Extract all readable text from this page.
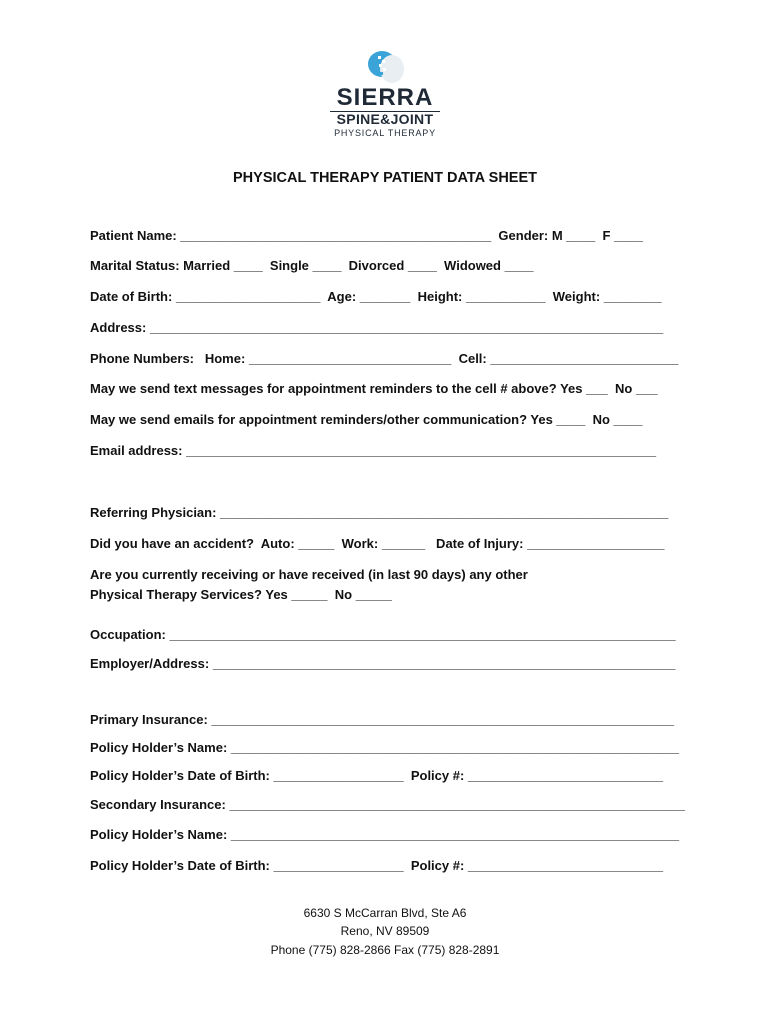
SIERRA
SPINE&JOINT
PHYSICAL THERAPY
PHYSICAL THERAPY PATIENT DATA SHEET
Patient Name: ___________________________________________  Gender: M ____  F ____
Marital Status: Married ____  Single ____  Divorced ____  Widowed ____
Date of Birth: ____________________  Age: _______  Height: ___________  Weight: ________
Address: _______________________________________________________________________
Phone Numbers:   Home: ____________________________  Cell: __________________________
May we send text messages for appointment reminders to the cell # above? Yes ___  No ___
May we send emails for appointment reminders/other communication? Yes ____  No ____
Email address: _________________________________________________________________
Referring Physician: ______________________________________________________________
Did you have an accident?  Auto: _____  Work: ______   Date of Injury: ___________________
Are you currently receiving or have received (in last 90 days) any other
Physical Therapy Services? Yes _____  No _____
Occupation: ______________________________________________________________________
Employer/Address: ________________________________________________________________
Primary Insurance: ________________________________________________________________
Policy Holder’s Name: ______________________________________________________________
Policy Holder’s Date of Birth: __________________  Policy #: ___________________________
Secondary Insurance: _______________________________________________________________
Policy Holder’s Name: ______________________________________________________________
Policy Holder’s Date of Birth: __________________  Policy #: ___________________________
6630 S McCarran Blvd, Ste A6
Reno, NV 89509
Phone (775) 828-2866 Fax (775) 828-2891
